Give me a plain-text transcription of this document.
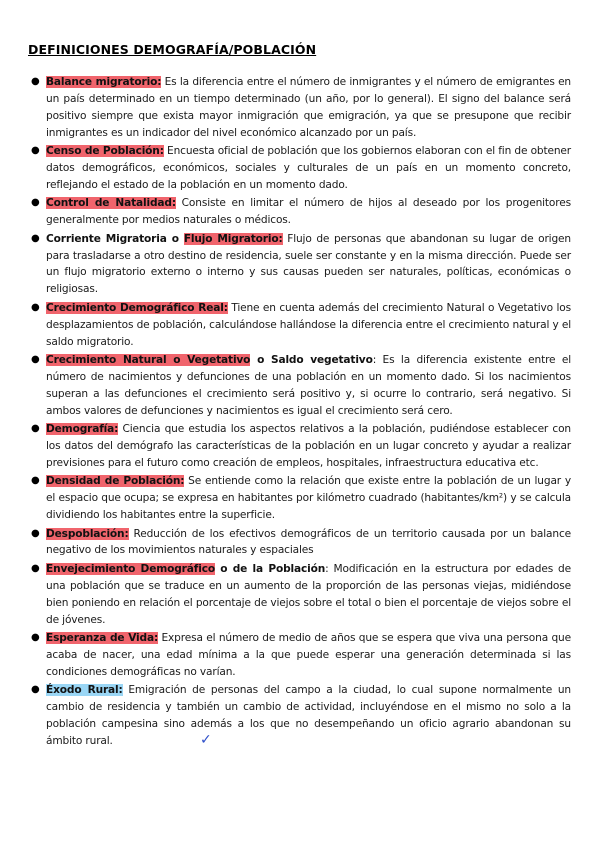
DEFINICIONES DEMOGRAFÍA/POBLACIÓN
● Balance migratorio: Es la diferencia entre el número de inmigrantes y el número de emigrantes en un país determinado en un tiempo determinado (un año, por lo general). El signo del balance será positivo siempre que exista mayor inmigración que emigración, ya que se presupone que recibir inmigrantes es un indicador del nivel económico alcanzado por un país.
● Censo de Población: Encuesta oficial de población que los gobiernos elaboran con el fin de obtener datos demográficos, económicos, sociales y culturales de un país en un momento concreto, reflejando el estado de la población en un momento dado.
● Control de Natalidad: Consiste en limitar el número de hijos al deseado por los progenitores generalmente por medios naturales o médicos.
● Corriente Migratoria o Flujo Migratorio: Flujo de personas que abandonan su lugar de origen para trasladarse a otro destino de residencia, suele ser constante y en la misma dirección. Puede ser un flujo migratorio externo o interno y sus causas pueden ser naturales, políticas, económicas o religiosas.
● Crecimiento Demográfico Real: Tiene en cuenta además del crecimiento Natural o Vegetativo los desplazamientos de población, calculándose hallándose la diferencia entre el crecimiento natural y el saldo migratorio.
● Crecimiento Natural o Vegetativo o Saldo vegetativo: Es la diferencia existente entre el número de nacimientos y defunciones de una población en un momento dado. Si los nacimientos superan a las defunciones el crecimiento será positivo y, si ocurre lo contrario, será negativo. Si ambos valores de defunciones y nacimientos es igual el crecimiento será cero.
● Demografía: Ciencia que estudia los aspectos relativos a la población, pudiéndose establecer con los datos del demógrafo las características de la población en un lugar concreto y ayudar a realizar previsiones para el futuro como creación de empleos, hospitales, infraestructura educativa etc.
● Densidad de Población: Se entiende como la relación que existe entre la población de un lugar y el espacio que ocupa; se expresa en habitantes por kilómetro cuadrado (habitantes/km²) y se calcula dividiendo los habitantes entre la superficie.
● Despoblación: Reducción de los efectivos demográficos de un territorio causada por un balance negativo de los movimientos naturales y espaciales
● Envejecimiento Demográfico o de la Población: Modificación en la estructura por edades de una población que se traduce en un aumento de la proporción de las personas viejas, midiéndose bien poniendo en relación el porcentaje de viejos sobre el total o bien el porcentaje de viejos sobre el de jóvenes.
● Esperanza de Vida: Expresa el número de medio de años que se espera que viva una persona que acaba de nacer, una edad mínima a la que puede esperar una generación determinada si las condiciones demográficas no varían.
● Éxodo Rural: Emigración de personas del campo a la ciudad, lo cual supone normalmente un cambio de residencia y también un cambio de actividad, incluyéndose en el mismo no solo a la población campesina sino además a los que no desempeñando un oficio agrario abandonan su ámbito rural.	✓
